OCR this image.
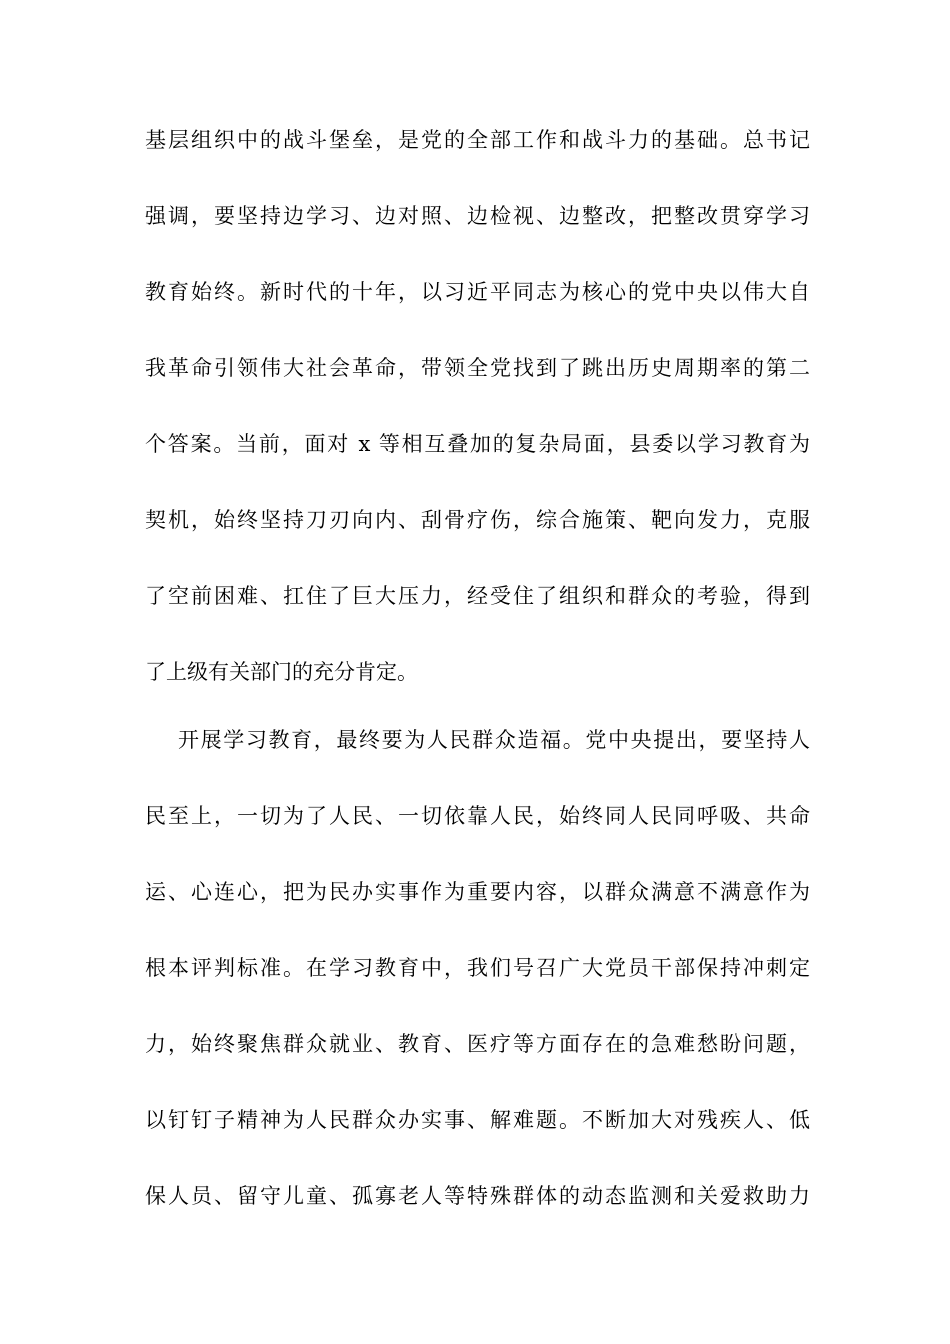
基层组织中的战斗堡垒，是党的全部工作和战斗力的基础。总书记
强调，要坚持边学习、边对照、边检视、边整改，把整改贯穿学习
教育始终。新时代的十年，以习近平同志为核心的党中央以伟大自
我革命引领伟大社会革命，带领全党找到了跳出历史周期率的第二
个答案。当前，面对 x 等相互叠加的复杂局面，县委以学习教育为
契机，始终坚持刀刃向内、刮骨疗伤，综合施策、靶向发力，克服
了空前困难、扛住了巨大压力，经受住了组织和群众的考验，得到
了上级有关部门的充分肯定。
开展学习教育，最终要为人民群众造福。党中央提出，要坚持人
民至上，一切为了人民、一切依靠人民，始终同人民同呼吸、共命
运、心连心，把为民办实事作为重要内容，以群众满意不满意作为
根本评判标准。在学习教育中，我们号召广大党员干部保持冲刺定
力，始终聚焦群众就业、教育、医疗等方面存在的急难愁盼问题，
以钉钉子精神为人民群众办实事、解难题。不断加大对残疾人、低
保人员、留守儿童、孤寡老人等特殊群体的动态监测和关爱救助力
